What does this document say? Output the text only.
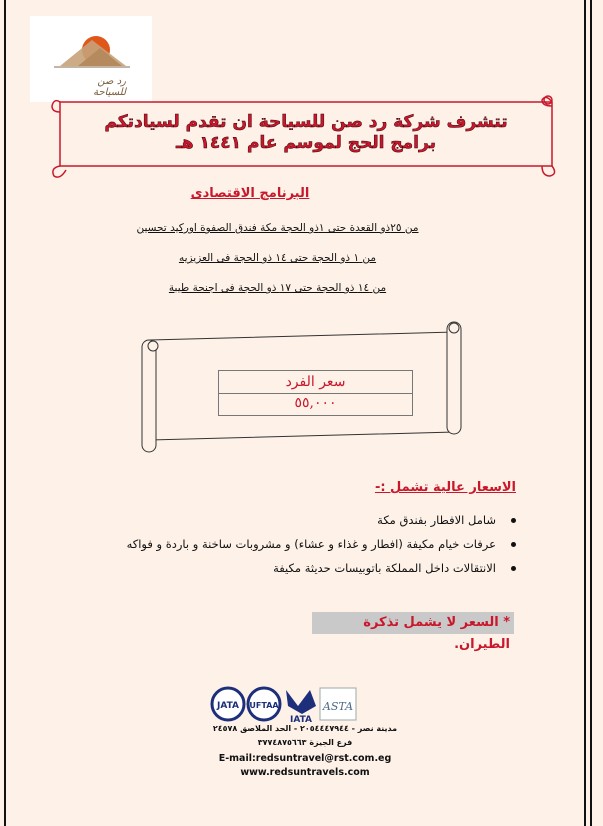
رد صن للسياحة
تتشرف شركة رد صن للسياحة ان تقدم لسيادتكم
برامج الحج لموسم عام ١٤٤١ هـ
البرنامج الاقتصادى
من ٢٥ذو القعدة حتى ١ذو الحجة مكة فندق الصفوة اوركيد تحسين
من ١ ذو الحجة حتى ١٤ ذو الحجة فى العزيزيه
من ١٤ ذو الحجة حتى ١٧ ذو الحجة فى اجنحة طيبة
سعر الفرد
٥٥,٠٠٠
الاسعار عالية تشمل :-
شامل الافطار بفندق مكة
عرفات خيام مكيفة (افطار و غذاء و عشاء) و مشروبات ساخنة و باردة و فواكه
الانتقالات داخل المملكة باتوبيسات حديثة مكيفة
* السعر لا يشمل تذكرة الطيران.
JATA UFTAA
IATA
ASTA
مدينة نصر - ٢٠٥٤٤٤٧٩٤٤ - الحد الملاصق ٢٤٥٧٨
فرع الجيزة ٣٧٧٤٨٧٥٦٦٣
E-mail:redsuntravel@rst.com.eg
www.redsuntravels.com
